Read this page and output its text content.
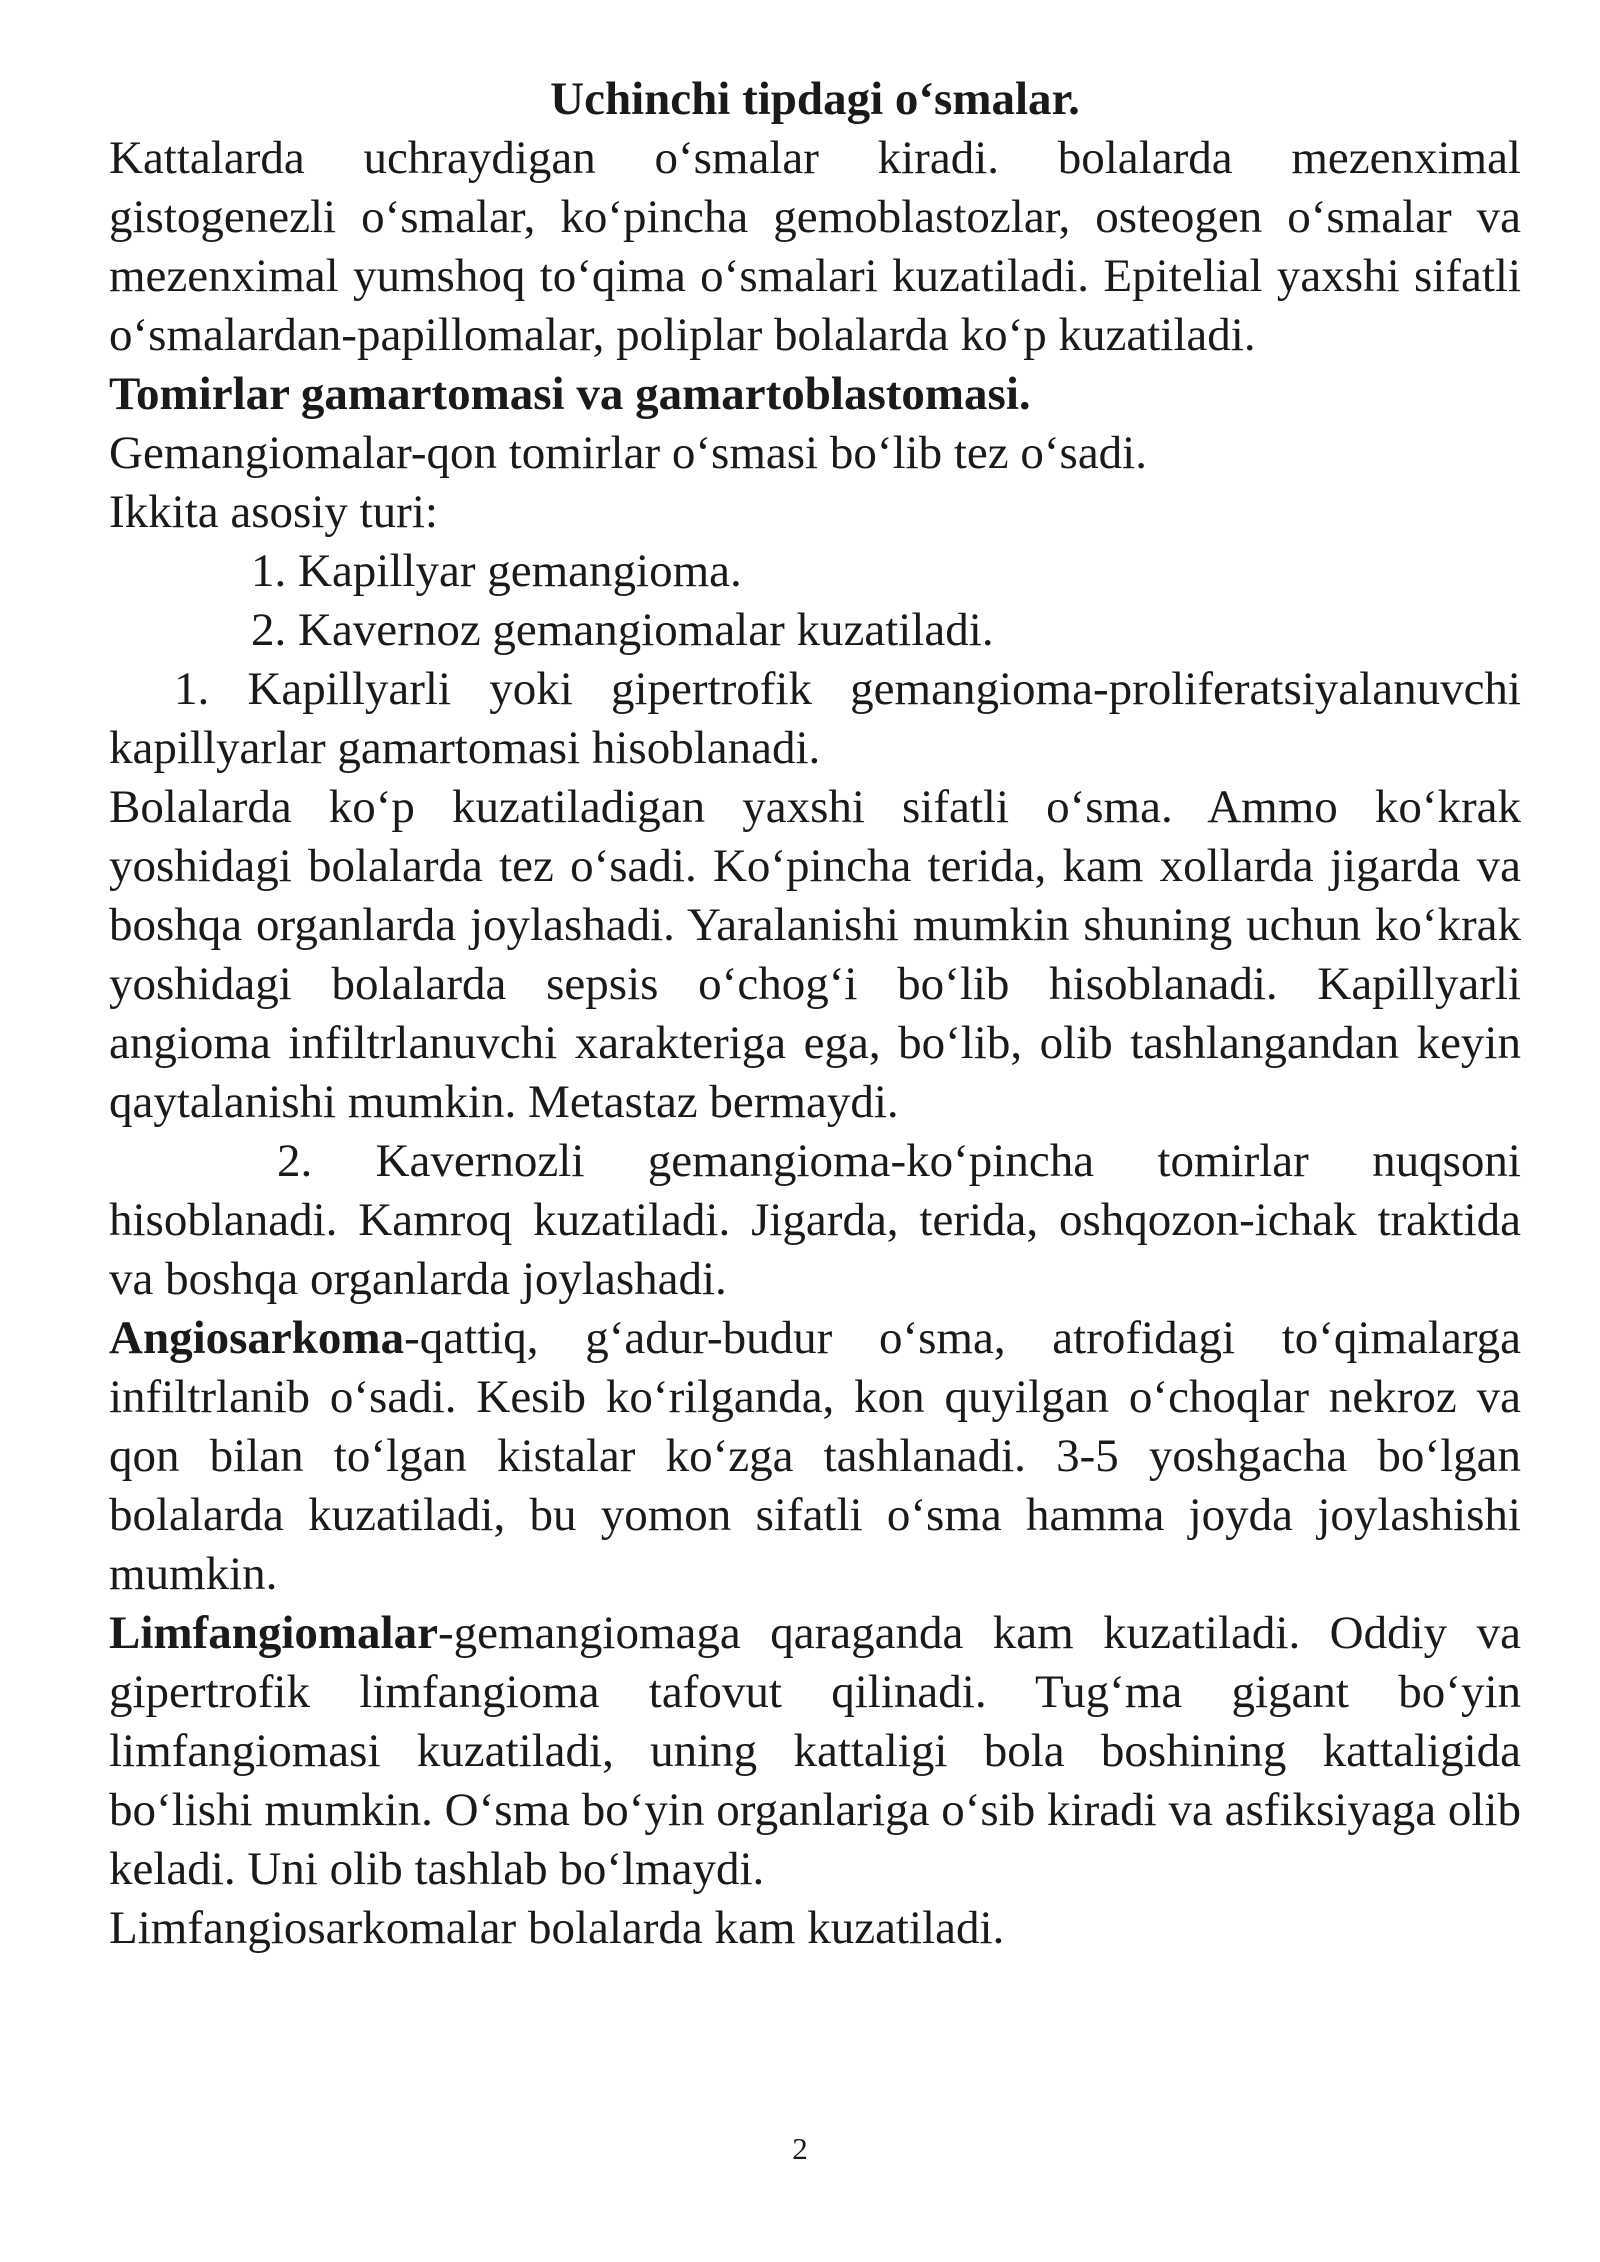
Uchinchi tipdagi o‘smalar.

Kattalarda uchraydigan o‘smalar kiradi. bolalarda mezenximal gistogenezli o‘smalar, ko‘pincha gemoblastozlar, osteogen o‘smalar va mezenximal yumshoq to‘qima o‘smalari kuzatiladi. Epitelial yaxshi sifatli o‘smalardan-papillomalar, poliplar bolalarda ko‘p kuzatiladi.

Tomirlar gamartomasi va gamartoblastomasi.

Gemangiomalar-qon tomirlar o‘smasi bo‘lib tez o‘sadi.

Ikkita asosiy turi:

1. Kapillyar gemangioma.

2. Kavernoz gemangiomalar kuzatiladi.

1. Kapillyarli yoki gipertrofik gemangioma-proliferatsiyalanuvchi kapillyarlar gamartomasi hisoblanadi.

Bolalarda ko‘p kuzatiladigan yaxshi sifatli o‘sma. Ammo ko‘krak yoshidagi bolalarda tez o‘sadi. Ko‘pincha terida, kam xollarda jigarda va boshqa organlarda joylashadi. Yaralanishi mumkin shuning uchun ko‘krak yoshidagi bolalarda sepsis o‘chog‘i bo‘lib hisoblanadi. Kapillyarli angioma infiltrlanuvchi xarakteriga ega, bo‘lib, olib tashlangandan keyin qaytalanishi mumkin. Metastaz bermaydi.

2. Kavernozli gemangioma-ko‘pincha tomirlar nuqsoni hisoblanadi. Kamroq kuzatiladi. Jigarda, terida, oshqozon-ichak traktida va boshqa organlarda joylashadi.

Angiosarkoma-qattiq, g‘adur-budur o‘sma, atrofidagi to‘qimalarga infiltrlanib o‘sadi. Kesib ko‘rilganda, kon quyilgan o‘choqlar nekroz va qon bilan to‘lgan kistalar ko‘zga tashlanadi. 3-5 yoshgacha bo‘lgan bolalarda kuzatiladi, bu yomon sifatli o‘sma hamma joyda joylashishi mumkin.

Limfangiomalar-gemangiomaga qaraganda kam kuzatiladi. Oddiy va gipertrofik limfangioma tafovut qilinadi. Tug‘ma gigant bo‘yin limfangiomasi kuzatiladi, uning kattaligi bola boshining kattaligida bo‘lishi mumkin. O‘sma bo‘yin organlariga o‘sib kiradi va asfiksiyaga olib keladi. Uni olib tashlab bo‘lmaydi.

Limfangiosarkomalar bolalarda kam kuzatiladi.

2
